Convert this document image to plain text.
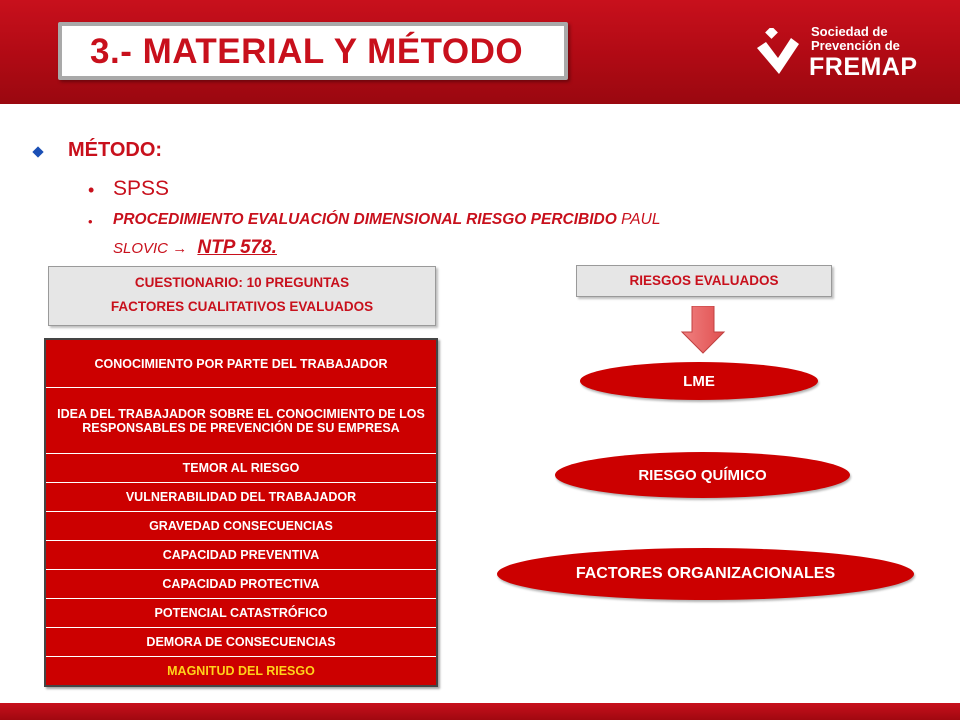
3.- MATERIAL Y MÉTODO
Sociedad de
Prevención de
FREMAP
MÉTODO:
• SPSS
• PROCEDIMIENTO EVALUACIÓN DIMENSIONAL RIESGO PERCIBIDO PAUL
SLOVIC → NTP 578.
CUESTIONARIO: 10 PREGUNTAS
FACTORES CUALITATIVOS EVALUADOS
CONOCIMIENTO POR PARTE DEL TRABAJADOR
IDEA DEL TRABAJADOR SOBRE EL CONOCIMIENTO DE LOS RESPONSABLES DE PREVENCIÓN DE SU EMPRESA
TEMOR AL RIESGO
VULNERABILIDAD DEL TRABAJADOR
GRAVEDAD CONSECUENCIAS
CAPACIDAD PREVENTIVA
CAPACIDAD PROTECTIVA
POTENCIAL CATASTRÓFICO
DEMORA DE CONSECUENCIAS
MAGNITUD DEL RIESGO
RIESGOS EVALUADOS
LME
RIESGO QUÍMICO
FACTORES ORGANIZACIONALES
